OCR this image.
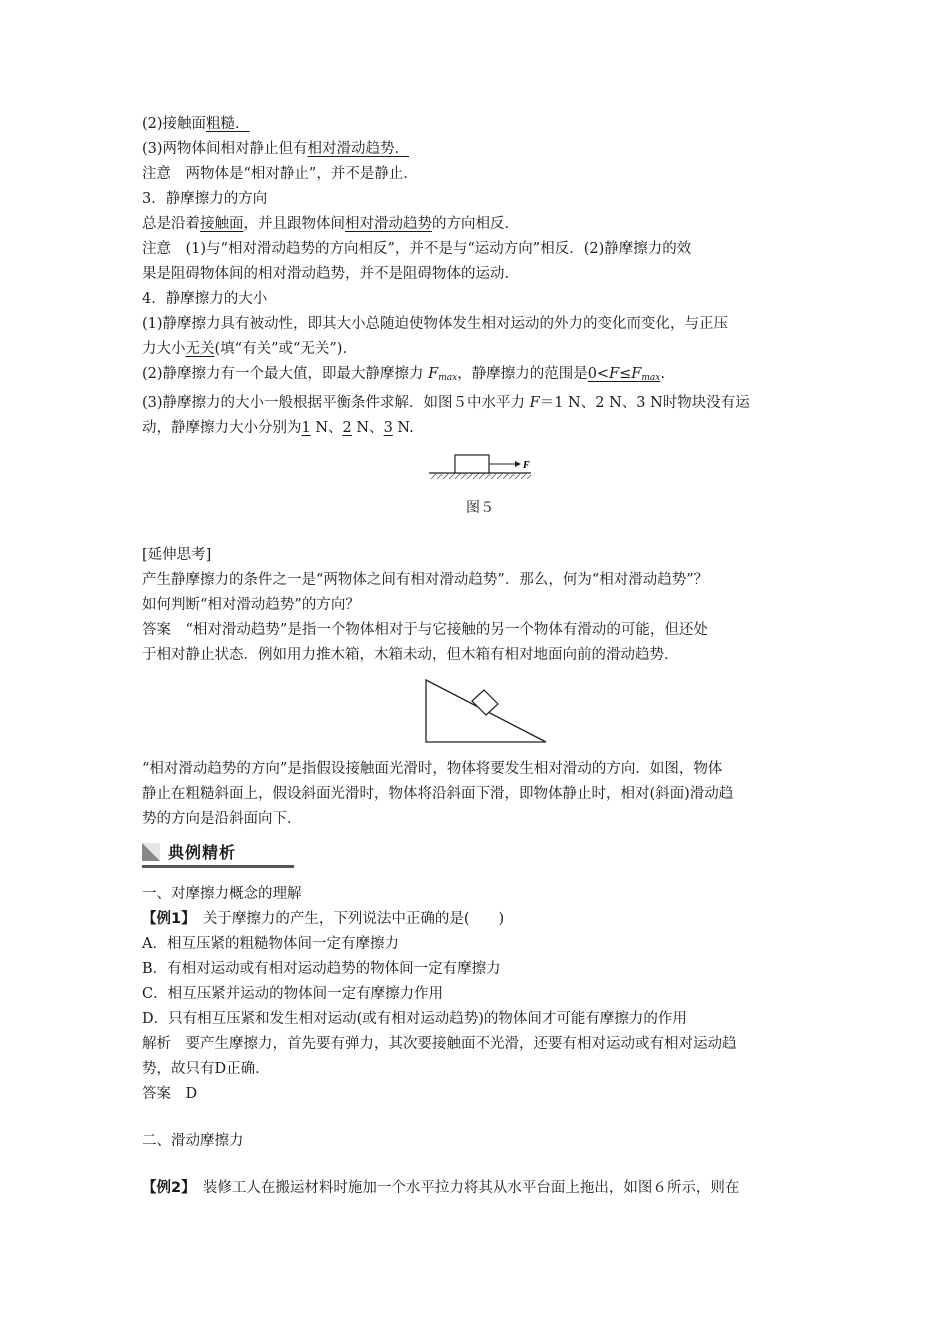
(2)接触面粗糙．
(3)两物体间相对静止但有相对滑动趋势．
注意　两物体是“相对静止”，并不是静止．
3．静摩擦力的方向
总是沿着接触面，并且跟物体间相对滑动趋势的方向相反．
注意　(1)与“相对滑动趋势的方向相反”，并不是与“运动方向”相反．(2)静摩擦力的效
果是阻碍物体间的相对滑动趋势，并不是阻碍物体的运动．
4．静摩擦力的大小
(1)静摩擦力具有被动性，即其大小总随迫使物体发生相对运动的外力的变化而变化，与正压
力大小无关(填“有关”或“无关”)．
(2)静摩擦力有一个最大值，即最大静摩擦力 $F_{max}$，静摩擦力的范围是$0<F\le F_{max}$.
(3)静摩擦力的大小一般根据平衡条件求解．如图５中水平力 F＝1 N、2 N、3 N时物块没有运
动，静摩擦力大小分别为1 N、2 N、3 N.
F
图５
[延伸思考]
产生静摩擦力的条件之一是“两物体之间有相对滑动趋势”．那么，何为“相对滑动趋势”？
如何判断“相对滑动趋势”的方向？
答案　“相对滑动趋势”是指一个物体相对于与它接触的另一个物体有滑动的可能，但还处
于相对静止状态．例如用力推木箱，木箱未动，但木箱有相对地面向前的滑动趋势．
“相对滑动趋势的方向”是指假设接触面光滑时，物体将要发生相对滑动的方向．如图，物体
静止在粗糙斜面上，假设斜面光滑时，物体将沿斜面下滑，即物体静止时，相对(斜面)滑动趋
势的方向是沿斜面向下．
典例精析
一、对摩擦力概念的理解
【例1】　 关于摩擦力的产生，下列说法中正确的是(　　)
A．相互压紧的粗糙物体间一定有摩擦力
B．有相对运动或有相对运动趋势的物体间一定有摩擦力
C．相互压紧并运动的物体间一定有摩擦力作用
D．只有相互压紧和发生相对运动(或有相对运动趋势)的物体间才可能有摩擦力的作用
解析　要产生摩擦力，首先要有弹力，其次要接触面不光滑，还要有相对运动或有相对运动趋
势，故只有D正确．
答案　D
二、滑动摩擦力
【例2】　 装修工人在搬运材料时施加一个水平拉力将其从水平台面上拖出，如图６所示，则在
